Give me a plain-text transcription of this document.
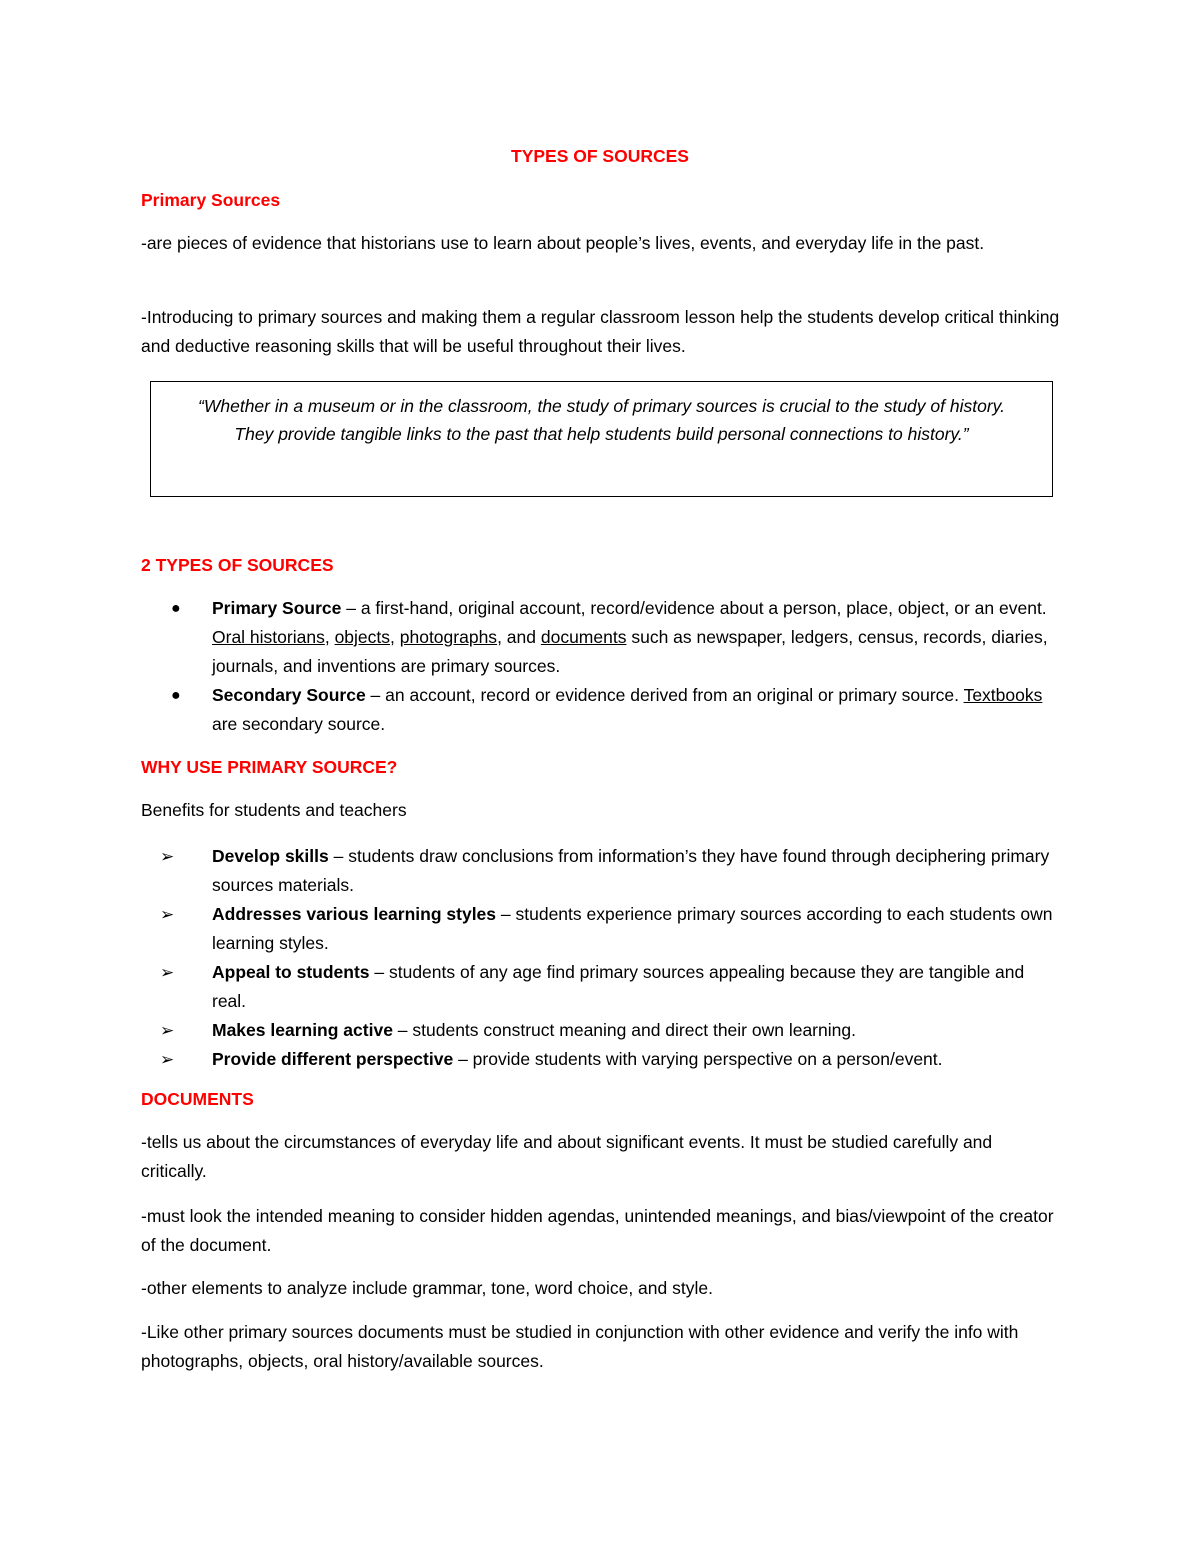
TYPES OF SOURCES

Primary Sources

-are pieces of evidence that historians use to learn about people’s lives, events, and everyday life in the past.

-Introducing to primary sources and making them a regular classroom lesson help the students develop critical thinking and deductive reasoning skills that will be useful throughout their lives.

“Whether in a museum or in the classroom, the study of primary sources is crucial to the study of history. They provide tangible links to the past that help students build personal connections to history.”

2 TYPES OF SOURCES

● Primary Source – a first-hand, original account, record/evidence about a person, place, object, or an event. Oral historians, objects, photographs, and documents such as newspaper, ledgers, census, records, diaries, journals, and inventions are primary sources.
● Secondary Source – an account, record or evidence derived from an original or primary source. Textbooks are secondary source.

WHY USE PRIMARY SOURCE?

Benefits for students and teachers

➢ Develop skills – students draw conclusions from information’s they have found through deciphering primary sources materials.
➢ Addresses various learning styles – students experience primary sources according to each students own learning styles.
➢ Appeal to students – students of any age find primary sources appealing because they are tangible and real.
➢ Makes learning active – students construct meaning and direct their own learning.
➢ Provide different perspective – provide students with varying perspective on a person/event.

DOCUMENTS

-tells us about the circumstances of everyday life and about significant events. It must be studied carefully and critically.

-must look the intended meaning to consider hidden agendas, unintended meanings, and bias/viewpoint of the creator of the document.

-other elements to analyze include grammar, tone, word choice, and style.

-Like other primary sources documents must be studied in conjunction with other evidence and verify the info with photographs, objects, oral history/available sources.
